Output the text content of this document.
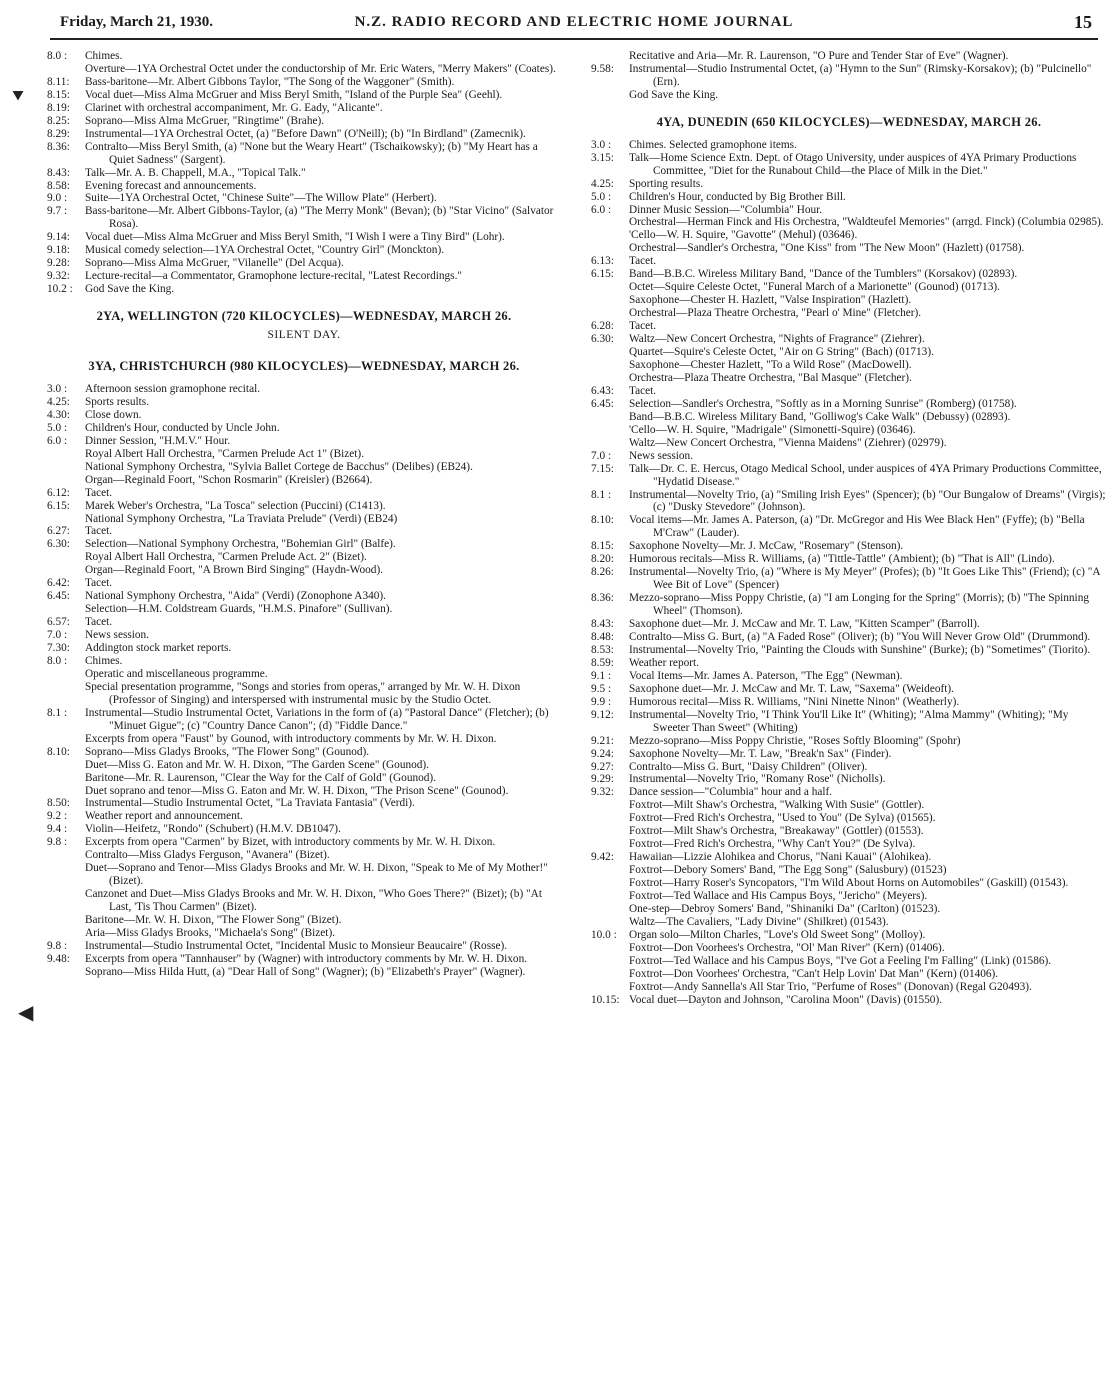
Friday, March 21, 1930.	N.Z. RADIO RECORD AND ELECTRIC HOME JOURNAL	15
⯆
◀
8.0 :	Chimes.
Overture—1YA Orchestral Octet under the conductorship of Mr. Eric Waters, "Merry Makers" (Coates).
8.11:	Bass-baritone—Mr. Albert Gibbons Taylor, "The Song of the Waggoner" (Smith).
8.15:	Vocal duet—Miss Alma McGruer and Miss Beryl Smith, "Island of the Purple Sea" (Geehl).
8.19:	Clarinet with orchestral accompaniment, Mr. G. Eady, "Alicante".
8.25:	Soprano—Miss Alma McGruer, "Ringtime" (Brahe).
8.29:	Instrumental—1YA Orchestral Octet, (a) "Before Dawn" (O'Neill); (b) "In Birdland" (Zamecnik).
8.36:	Contralto—Miss Beryl Smith, (a) "None but the Weary Heart" (Tschaikowsky); (b) "My Heart has a Quiet Sadness" (Sargent).
8.43:	Talk—Mr. A. B. Chappell, M.A., "Topical Talk."
8.58:	Evening forecast and announcements.
9.0 :	Suite—1YA Orchestral Octet, "Chinese Suite"—The Willow Plate" (Herbert).
9.7 :	Bass-baritone—Mr. Albert Gibbons-Taylor, (a) "The Merry Monk" (Bevan); (b) "Star Vicino" (Salvator Rosa).
9.14:	Vocal duet—Miss Alma McGruer and Miss Beryl Smith, "I Wish I were a Tiny Bird" (Lohr).
9.18:	Musical comedy selection—1YA Orchestral Octet, "Country Girl" (Monckton).
9.28:	Soprano—Miss Alma McGruer, "Vilanelle" (Del Acqua).
9.32:	Lecture-recital—a Commentator, Gramophone lecture-recital, "Latest Recordings."
10.2 :	God Save the King.
2YA, WELLINGTON (720 KILOCYCLES)—WEDNESDAY, MARCH 26.
SILENT DAY.
3YA, CHRISTCHURCH (980 KILOCYCLES)—WEDNESDAY, MARCH 26.
3.0 :	Afternoon session gramophone recital.
4.25:	Sports results.
4.30:	Close down.
5.0 :	Children's Hour, conducted by Uncle John.
6.0 :	Dinner Session, "H.M.V." Hour.
Royal Albert Hall Orchestra, "Carmen Prelude Act 1" (Bizet).
National Symphony Orchestra, "Sylvia Ballet Cortege de Bacchus" (Delibes) (EB24).
Organ—Reginald Foort, "Schon Rosmarin" (Kreisler) (B2664).
6.12:	Tacet.
6.15:	Marek Weber's Orchestra, "La Tosca" selection (Puccini) (C1413).
National Symphony Orchestra, "La Traviata Prelude" (Verdi) (EB24)
6.27:	Tacet.
6.30:	Selection—National Symphony Orchestra, "Bohemian Girl" (Balfe).
Royal Albert Hall Orchestra, "Carmen Prelude Act. 2" (Bizet).
Organ—Reginald Foort, "A Brown Bird Singing" (Haydn-Wood).
6.42:	Tacet.
6.45:	National Symphony Orchestra, "Aida" (Verdi) (Zonophone A340).
Selection—H.M. Coldstream Guards, "H.M.S. Pinafore" (Sullivan).
6.57:	Tacet.
7.0 :	News session.
7.30:	Addington stock market reports.
8.0 :	Chimes.
Operatic and miscellaneous programme.
Special presentation programme, "Songs and stories from operas," arranged by Mr. W. H. Dixon (Professor of Singing) and interspersed with instrumental music by the Studio Octet.
8.1 :	Instrumental—Studio Instrumental Octet, Variations in the form of (a) "Pastoral Dance" (Fletcher); (b) "Minuet Gigue"; (c) "Country Dance Canon"; (d) "Fiddle Dance."
Excerpts from opera "Faust" by Gounod, with introductory comments by Mr. W. H. Dixon.
8.10:	Soprano—Miss Gladys Brooks, "The Flower Song" (Gounod).
Duet—Miss G. Eaton and Mr. W. H. Dixon, "The Garden Scene" (Gounod).
Baritone—Mr. R. Laurenson, "Clear the Way for the Calf of Gold" (Gounod).
Duet soprano and tenor—Miss G. Eaton and Mr. W. H. Dixon, "The Prison Scene" (Gounod).
8.50:	Instrumental—Studio Instrumental Octet, "La Traviata Fantasia" (Verdi).
9.2 :	Weather report and announcement.
9.4 :	Violin—Heifetz, "Rondo" (Schubert) (H.M.V. DB1047).
9.8 :	Excerpts from opera "Carmen" by Bizet, with introductory comments by Mr. W. H. Dixon.
Contralto—Miss Gladys Ferguson, "Avanera" (Bizet).
Duet—Soprano and Tenor—Miss Gladys Brooks and Mr. W. H. Dixon, "Speak to Me of My Mother!" (Bizet).
Canzonet and Duet—Miss Gladys Brooks and Mr. W. H. Dixon, "Who Goes There?" (Bizet); (b) "At Last, 'Tis Thou Carmen" (Bizet).
Baritone—Mr. W. H. Dixon, "The Flower Song" (Bizet).
Aria—Miss Gladys Brooks, "Michaela's Song" (Bizet).
9.8 :	Instrumental—Studio Instrumental Octet, "Incidental Music to Monsieur Beaucaire" (Rosse).
9.48:	Excerpts from opera "Tannhauser" by (Wagner) with introductory comments by Mr. W. H. Dixon.
Soprano—Miss Hilda Hutt, (a) "Dear Hall of Song" (Wagner); (b) "Elizabeth's Prayer" (Wagner).
Recitative and Aria—Mr. R. Laurenson, "O Pure and Tender Star of Eve" (Wagner).
9.58:	Instrumental—Studio Instrumental Octet, (a) "Hymn to the Sun" (Rimsky-Korsakov); (b) "Pulcinello" (Ern).
God Save the King.
4YA, DUNEDIN (650 KILOCYCLES)—WEDNESDAY, MARCH 26.
3.0 :	Chimes. Selected gramophone items.
3.15:	Talk—Home Science Extn. Dept. of Otago University, under auspices of 4YA Primary Productions Committee, "Diet for the Runabout Child—the Place of Milk in the Diet."
4.25:	Sporting results.
5.0 :	Children's Hour, conducted by Big Brother Bill.
6.0 :	Dinner Music Session—"Columbia" Hour.
Orchestral—Herman Finck and His Orchestra, "Waldteufel Memories" (arrgd. Finck) (Columbia 02985).
'Cello—W. H. Squire, "Gavotte" (Mehul) (03646).
Orchestral—Sandler's Orchestra, "One Kiss" from "The New Moon" (Hazlett) (01758).
6.13:	Tacet.
6.15:	Band—B.B.C. Wireless Military Band, "Dance of the Tumblers" (Korsakov) (02893).
Octet—Squire Celeste Octet, "Funeral March of a Marionette" (Gounod) (01713).
Saxophone—Chester H. Hazlett, "Valse Inspiration" (Hazlett).
Orchestral—Plaza Theatre Orchestra, "Pearl o' Mine" (Fletcher).
6.28:	Tacet.
6.30:	Waltz—New Concert Orchestra, "Nights of Fragrance" (Ziehrer).
Quartet—Squire's Celeste Octet, "Air on G String" (Bach) (01713).
Saxophone—Chester Hazlett, "To a Wild Rose" (MacDowell).
Orchestra—Plaza Theatre Orchestra, "Bal Masque" (Fletcher).
6.43:	Tacet.
6.45:	Selection—Sandler's Orchestra, "Softly as in a Morning Sunrise" (Romberg) (01758).
Band—B.B.C. Wireless Military Band, "Golliwog's Cake Walk" (Debussy) (02893).
'Cello—W. H. Squire, "Madrigale" (Simonetti-Squire) (03646).
Waltz—New Concert Orchestra, "Vienna Maidens" (Ziehrer) (02979).
7.0 :	News session.
7.15:	Talk—Dr. C. E. Hercus, Otago Medical School, under auspices of 4YA Primary Productions Committee, "Hydatid Disease."
8.1 :	Instrumental—Novelty Trio, (a) "Smiling Irish Eyes" (Spencer); (b) "Our Bungalow of Dreams" (Virgis); (c) "Dusky Stevedore" (Johnson).
8.10:	Vocal items—Mr. James A. Paterson, (a) "Dr. McGregor and His Wee Black Hen" (Fyffe); (b) "Bella M'Craw" (Lauder).
8.15:	Saxophone Novelty—Mr. J. McCaw, "Rosemary" (Stenson).
8.20:	Humorous recitals—Miss R. Williams, (a) "Tittle-Tattle" (Ambient); (b) "That is All" (Lindo).
8.26:	Instrumental—Novelty Trio, (a) "Where is My Meyer" (Profes); (b) "It Goes Like This" (Friend); (c) "A Wee Bit of Love" (Spencer)
8.36:	Mezzo-soprano—Miss Poppy Christie, (a) "I am Longing for the Spring" (Morris); (b) "The Spinning Wheel" (Thomson).
8.43:	Saxophone duet—Mr. J. McCaw and Mr. T. Law, "Kitten Scamper" (Barroll).
8.48:	Contralto—Miss G. Burt, (a) "A Faded Rose" (Oliver); (b) "You Will Never Grow Old" (Drummond).
8.53:	Instrumental—Novelty Trio, "Painting the Clouds with Sunshine" (Burke); (b) "Sometimes" (Tiorito).
8.59:	Weather report.
9.1 :	Vocal Items—Mr. James A. Paterson, "The Egg" (Newman).
9.5 :	Saxophone duet—Mr. J. McCaw and Mr. T. Law, "Saxema" (Weideoft).
9.9 :	Humorous recital—Miss R. Williams, "Nini Ninette Ninon" (Weatherly).
9.12:	Instrumental—Novelty Trio, "I Think You'll Like It" (Whiting); "Alma Mammy" (Whiting); "My Sweeter Than Sweet" (Whiting)
9.21:	Mezzo-soprano—Miss Poppy Christie, "Roses Softly Blooming" (Spohr)
9.24:	Saxophone Novelty—Mr. T. Law, "Break'n Sax" (Finder).
9.27:	Contralto—Miss G. Burt, "Daisy Children" (Oliver).
9.29:	Instrumental—Novelty Trio, "Romany Rose" (Nicholls).
9.32:	Dance session—"Columbia" hour and a half.
Foxtrot—Milt Shaw's Orchestra, "Walking With Susie" (Gottler).
Foxtrot—Fred Rich's Orchestra, "Used to You" (De Sylva) (01565).
Foxtrot—Milt Shaw's Orchestra, "Breakaway" (Gottler) (01553).
Foxtrot—Fred Rich's Orchestra, "Why Can't You?" (De Sylva).
9.42:	Hawaiian—Lizzie Alohikea and Chorus, "Nani Kauai" (Alohikea).
Foxtrot—Debory Somers' Band, "The Egg Song" (Salusbury) (01523)
Foxtrot—Harry Roser's Syncopators, "I'm Wild About Horns on Automobiles" (Gaskill) (01543).
Foxtrot—Ted Wallace and His Campus Boys, "Jericho" (Meyers).
One-step—Debroy Somers' Band, "Shinaniki Da" (Carlton) (01523).
Waltz—The Cavaliers, "Lady Divine" (Shilkret) (01543).
10.0 :	Organ solo—Milton Charles, "Love's Old Sweet Song" (Molloy).
Foxtrot—Don Voorhees's Orchestra, "Ol' Man River" (Kern) (01406).
Foxtrot—Ted Wallace and his Campus Boys, "I've Got a Feeling I'm Falling" (Link) (01586).
Foxtrot—Don Voorhees' Orchestra, "Can't Help Lovin' Dat Man" (Kern) (01406).
Foxtrot—Andy Sannella's All Star Trio, "Perfume of Roses" (Donovan) (Regal G20493).
10.15: Vocal duet—Dayton and Johnson, "Carolina Moon" (Davis) (01550).
